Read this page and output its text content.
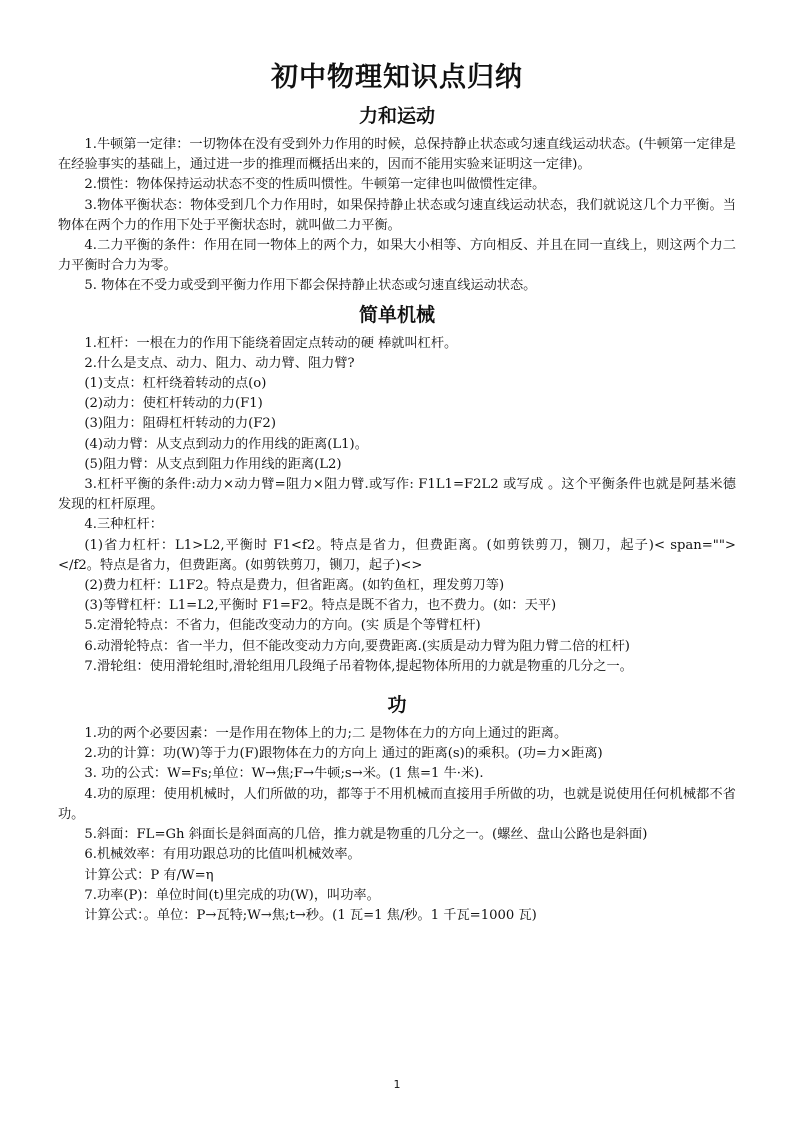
初中物理知识点归纳
力和运动

1.牛顿第一定律：一切物体在没有受到外力作用的时候，总保持静止状态或匀速直线运动状态。(牛顿第一定律是在经验事实的基础上，通过进一步的推理而概括出来的，因而不能用实验来证明这一定律)。

2.惯性：物体保持运动状态不变的性质叫惯性。牛顿第一定律也叫做惯性定律。

3.物体平衡状态：物体受到几个力作用时，如果保持静止状态或匀速直线运动状态，我们就说这几个力平衡。当物体在两个力的作用下处于平衡状态时，就叫做二力平衡。

4.二力平衡的条件：作用在同一物体上的两个力，如果大小相等、方向相反、并且在同一直线上，则这两个力二力平衡时合力为零。

5. 物体在不受力或受到平衡力作用下都会保持静止状态或匀速直线运动状态。

简单机械

1.杠杆：一根在力的作用下能绕着固定点转动的硬 棒就叫杠杆。

2.什么是支点、动力、阻力、动力臂、阻力臂?

(1)支点：杠杆绕着转动的点(o)

(2)动力：使杠杆转动的力(F1)

(3)阻力：阻碍杠杆转动的力(F2)

(4)动力臂：从支点到动力的作用线的距离(L1)。

(5)阻力臂：从支点到阻力作用线的距离(L2)

3.杠杆平衡的条件:动力×动力臂=阻力×阻力臂.或写作: F1L1=F2L2 或写成 。这个平衡条件也就是阿基米德发现的杠杆原理。

4.三种杠杆：

(1)省力杠杆：L1>L2,平衡时 F1<f2。特点是省力，但费距离。(如剪铁剪刀，铡刀，起子)< span=""></f2。特点是省力，但费距离。(如剪铁剪刀，铡刀，起子)<>

(2)费力杠杆：L1F2。特点是费力，但省距离。(如钓鱼杠，理发剪刀等)

(3)等臂杠杆：L1=L2,平衡时 F1=F2。特点是既不省力，也不费力。(如：天平)

5.定滑轮特点：不省力，但能改变动力的方向。(实 质是个等臂杠杆)

6.动滑轮特点：省一半力，但不能改变动力方向,要费距离.(实质是动力臂为阻力臂二倍的杠杆)

7.滑轮组：使用滑轮组时,滑轮组用几段绳子吊着物体,提起物体所用的力就是物重的几分之一。

功

1.功的两个必要因素：一是作用在物体上的力;二 是物体在力的方向上通过的距离。

2.功的计算：功(W)等于力(F)跟物体在力的方向上 通过的距离(s)的乘积。(功=力×距离)

3. 功的公式：W=Fs;单位：W→焦;F→牛顿;s→米。(1 焦=1 牛·米).

4.功的原理：使用机械时，人们所做的功，都等于不用机械而直接用手所做的功，也就是说使用任何机械都不省功。

5.斜面：FL=Gh 斜面长是斜面高的几倍，推力就是物重的几分之一。(螺丝、盘山公路也是斜面)

6.机械效率：有用功跟总功的比值叫机械效率。

计算公式：P 有/W=η

7.功率(P)：单位时间(t)里完成的功(W)，叫功率。

计算公式：。单位：P→瓦特;W→焦;t→秒。(1 瓦=1 焦/秒。1 千瓦=1000 瓦)

1
